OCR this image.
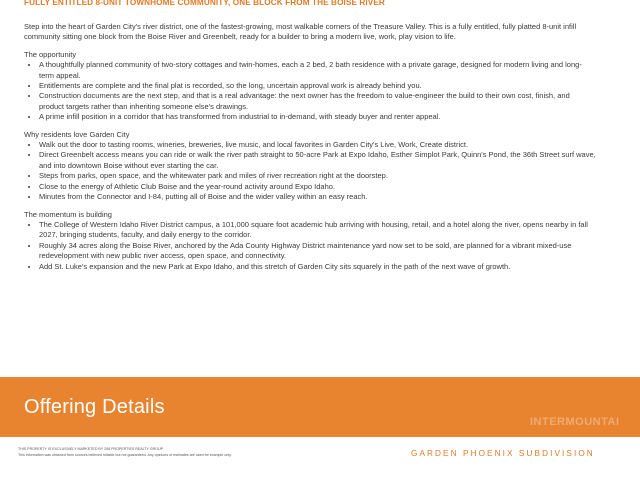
FULLY ENTITLED 8-UNIT TOWNHOME COMMUNITY, ONE BLOCK FROM THE BOISE RIVER

Step into the heart of Garden City's river district, one of the fastest-growing, most walkable corners of the Treasure Valley. This is a fully entitled, fully platted 8-unit infill community sitting one block from the Boise River and Greenbelt, ready for a builder to bring a modern live, work, play vision to life.

The opportunity
• A thoughtfully planned community of two-story cottages and twin-homes, each a 2 bed, 2 bath residence with a private garage, designed for modern living and long-term appeal.
• Entitlements are complete and the final plat is recorded, so the long, uncertain approval work is already behind you.
• Construction documents are the next step, and that is a real advantage: the next owner has the freedom to value-engineer the build to their own cost, finish, and product targets rather than inheriting someone else's drawings.
• A prime infill position in a corridor that has transformed from industrial to in-demand, with steady buyer and renter appeal.
Why residents love Garden City
• Walk out the door to tasting rooms, wineries, breweries, live music, and local favorites in Garden City's Live, Work, Create district.
• Direct Greenbelt access means you can ride or walk the river path straight to 50-acre Park at Expo Idaho, Esther Simplot Park, Quinn's Pond, the 36th Street surf wave, and into downtown Boise without ever starting the car.
• Steps from parks, open space, and the whitewater park and miles of river recreation right at the doorstep.
• Close to the energy of Athletic Club Boise and the year-round activity around Expo Idaho.
• Minutes from the Connector and I-84, putting all of Boise and the wider valley within an easy reach.
The momentum is building
• The College of Western Idaho River District campus, a 101,000 square foot academic hub arriving with housing, retail, and a hotel along the river, opens nearby in fall 2027, bringing students, faculty, and daily energy to the corridor.
• Roughly 34 acres along the Boise River, anchored by the Ada County Highway District maintenance yard now set to be sold, are planned for a vibrant mixed-use redevelopment with new public river access, open space, and connectivity.
• Add St. Luke's expansion and the new Park at Expo Idaho, and this stretch of Garden City sits squarely in the path of the next wave of growth.
Offering Details
INTERMOUNTAI
THIS PROPERTY IS EXCLUSIVELY MARKETED BY 208 PROPERTIES REALTY GROUP.
This information was obtained from sources believed reliable but not guaranteed. Any opinions or estimates are used for example only.	GARDEN PHOENIX SUBDIVISION
